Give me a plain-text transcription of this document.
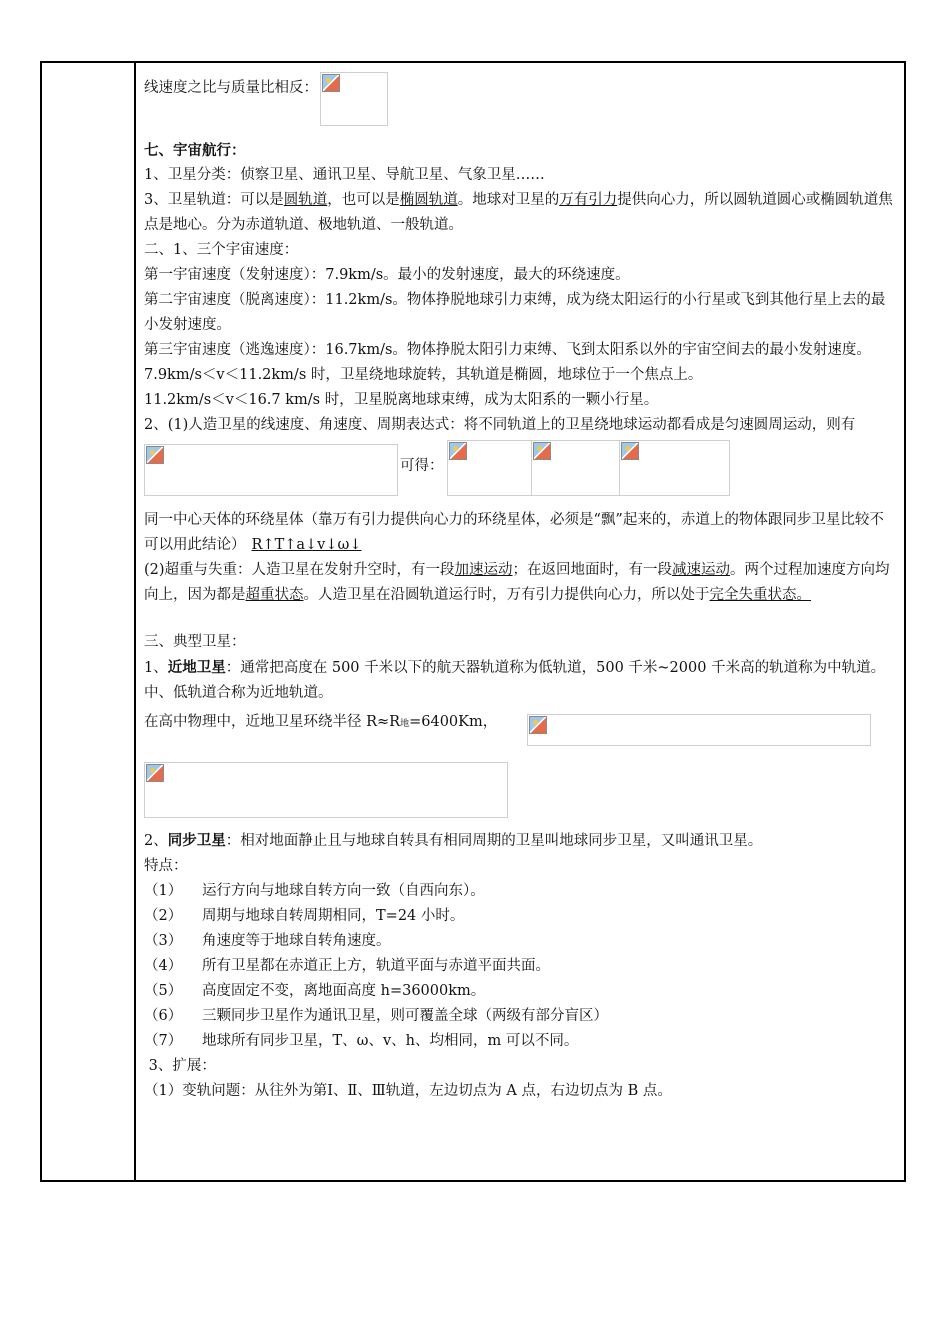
线速度之比与质量比相反：

七、宇宙航行：

1、卫星分类：侦察卫星、通讯卫星、导航卫星、气象卫星……

3、卫星轨道：可以是圆轨道，也可以是椭圆轨道。地球对卫星的万有引力提供向心力，所以圆轨道圆心或椭圆轨道焦点是地心。分为赤道轨道、极地轨道、一般轨道。

二、1、三个宇宙速度：

第一宇宙速度（发射速度）：7.9km/s。最小的发射速度，最大的环绕速度。

第二宇宙速度（脱离速度）：11.2km/s。物体挣脱地球引力束缚，成为绕太阳运行的小行星或飞到其他行星上去的最小发射速度。

第三宇宙速度（逃逸速度）：16.7km/s。物体挣脱太阳引力束缚、飞到太阳系以外的宇宙空间去的最小发射速度。

7.9km/s＜v＜11.2km/s 时，卫星绕地球旋转，其轨道是椭圆，地球位于一个焦点上。

11.2km/s＜v＜16.7 km/s 时，卫星脱离地球束缚，成为太阳系的一颗小行星。

2、(1)人造卫星的线速度、角速度、周期表达式：将不同轨道上的卫星绕地球运动都看成是匀速圆周运动，则有

可得：

同一中心天体的环绕星体（靠万有引力提供向心力的环绕星体，必须是“飘”起来的，赤道上的物体跟同步卫星比较不可以用此结论） R↑T↑a↓v↓ω↓

(2)超重与失重：人造卫星在发射升空时，有一段加速运动；在返回地面时，有一段减速运动。两个过程加速度方向均向上，因为都是超重状态。人造卫星在沿圆轨道运行时，万有引力提供向心力，所以处于完全失重状态。

三、典型卫星：

1、近地卫星：通常把高度在 500 千米以下的航天器轨道称为低轨道，500 千米~2000 千米高的轨道称为中轨道。中、低轨道合称为近地轨道。

在高中物理中，近地卫星环绕半径 R≈R地=6400Km，

2、同步卫星：相对地面静止且与地球自转具有相同周期的卫星叫地球同步卫星，又叫通讯卫星。

特点：

（1） 运行方向与地球自转方向一致（自西向东）。

（2） 周期与地球自转周期相同，T=24 小时。

（3） 角速度等于地球自转角速度。

（4） 所有卫星都在赤道正上方，轨道平面与赤道平面共面。

（5） 高度固定不变，离地面高度 h=36000km。

（6） 三颗同步卫星作为通讯卫星，则可覆盖全球（两级有部分盲区）

（7） 地球所有同步卫星，T、ω、v、h、均相同，m 可以不同。

3、扩展：

（1）变轨问题：从往外为第Ⅰ、Ⅱ、Ⅲ轨道，左边切点为 A 点，右边切点为 B 点。
